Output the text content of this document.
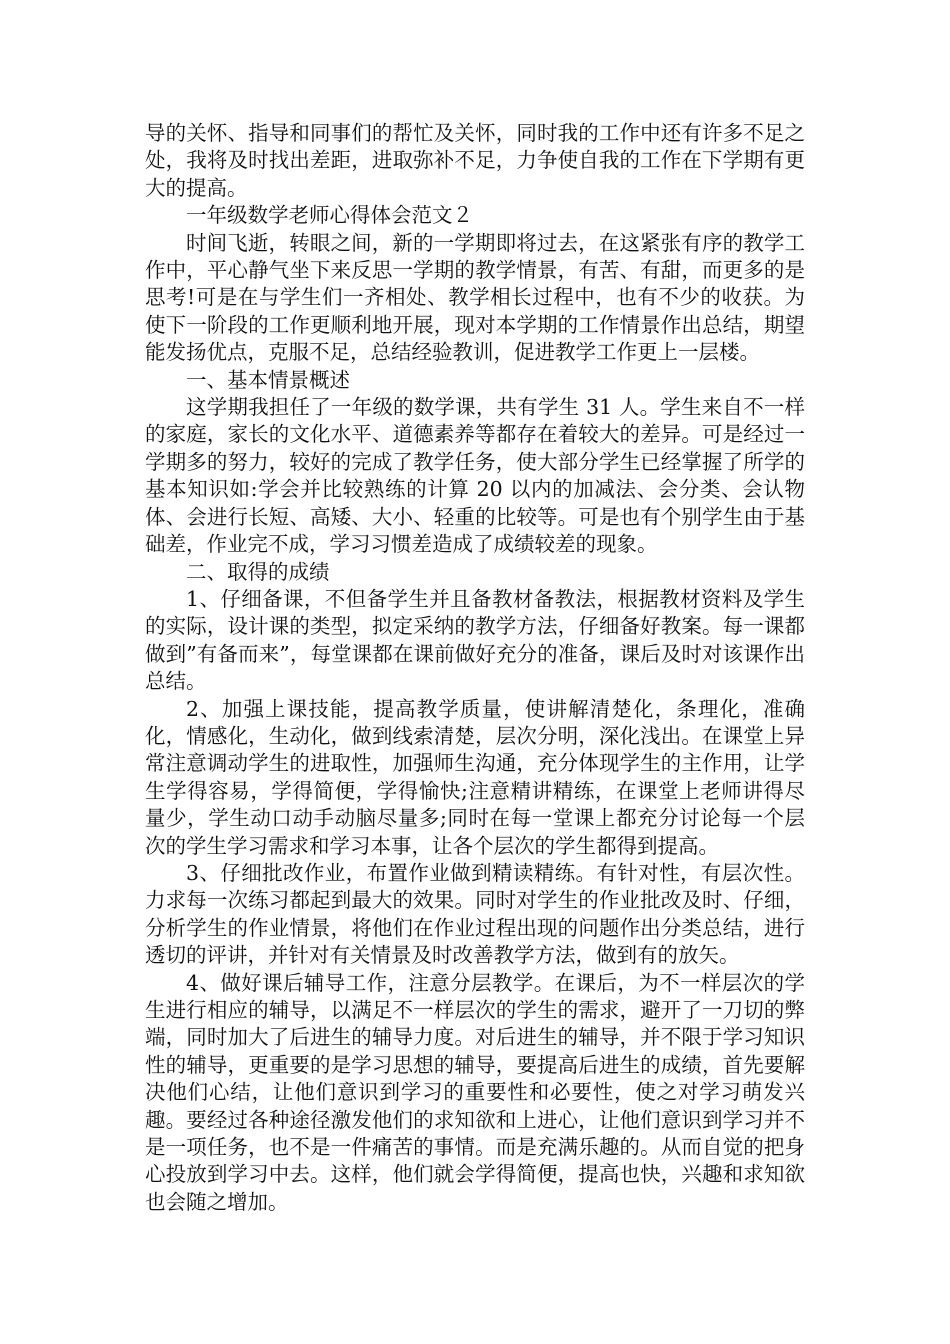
导的关怀、指导和同事们的帮忙及关怀，同时我的工作中还有许多不足之处，我将及时找出差距，进取弥补不足，力争使自我的工作在下学期有更大的提高。

一年级数学老师心得体会范文２

时间飞逝，转眼之间，新的一学期即将过去，在这紧张有序的教学工作中，平心静气坐下来反思一学期的教学情景，有苦、有甜，而更多的是思考!可是在与学生们一齐相处、教学相长过程中，也有不少的收获。为使下一阶段的工作更顺利地开展，现对本学期的工作情景作出总结，期望能发扬优点，克服不足，总结经验教训，促进教学工作更上一层楼。

一、基本情景概述

这学期我担任了一年级的数学课，共有学生 31 人。学生来自不一样的家庭，家长的文化水平、道德素养等都存在着较大的差异。可是经过一学期多的努力，较好的完成了教学任务，使大部分学生已经掌握了所学的基本知识如:学会并比较熟练的计算 20 以内的加减法、会分类、会认物体、会进行长短、高矮、大小、轻重的比较等。可是也有个别学生由于基础差，作业完不成，学习习惯差造成了成绩较差的现象。

二、取得的成绩

1、仔细备课，不但备学生并且备教材备教法，根据教材资料及学生的实际，设计课的类型，拟定采纳的教学方法，仔细备好教案。每一课都做到”有备而来”，每堂课都在课前做好充分的准备，课后及时对该课作出总结。

2、加强上课技能，提高教学质量，使讲解清楚化，条理化，准确化，情感化，生动化，做到线索清楚，层次分明，深化浅出。在课堂上异常注意调动学生的进取性，加强师生沟通，充分体现学生的主作用，让学生学得容易，学得简便，学得愉快;注意精讲精练，在课堂上老师讲得尽量少，学生动口动手动脑尽量多;同时在每一堂课上都充分讨论每一个层次的学生学习需求和学习本事，让各个层次的学生都得到提高。

3、仔细批改作业，布置作业做到精读精练。有针对性，有层次性。力求每一次练习都起到最大的效果。同时对学生的作业批改及时、仔细，分析学生的作业情景，将他们在作业过程出现的问题作出分类总结，进行透切的评讲，并针对有关情景及时改善教学方法，做到有的放矢。

4、做好课后辅导工作，注意分层教学。在课后，为不一样层次的学生进行相应的辅导，以满足不一样层次的学生的需求，避开了一刀切的弊端，同时加大了后进生的辅导力度。对后进生的辅导，并不限于学习知识性的辅导，更重要的是学习思想的辅导，要提高后进生的成绩，首先要解决他们心结，让他们意识到学习的重要性和必要性，使之对学习萌发兴趣。要经过各种途径激发他们的求知欲和上进心，让他们意识到学习并不是一项任务，也不是一件痛苦的事情。而是充满乐趣的。从而自觉的把身心投放到学习中去。这样，他们就会学得简便，提高也快，兴趣和求知欲也会随之增加。
